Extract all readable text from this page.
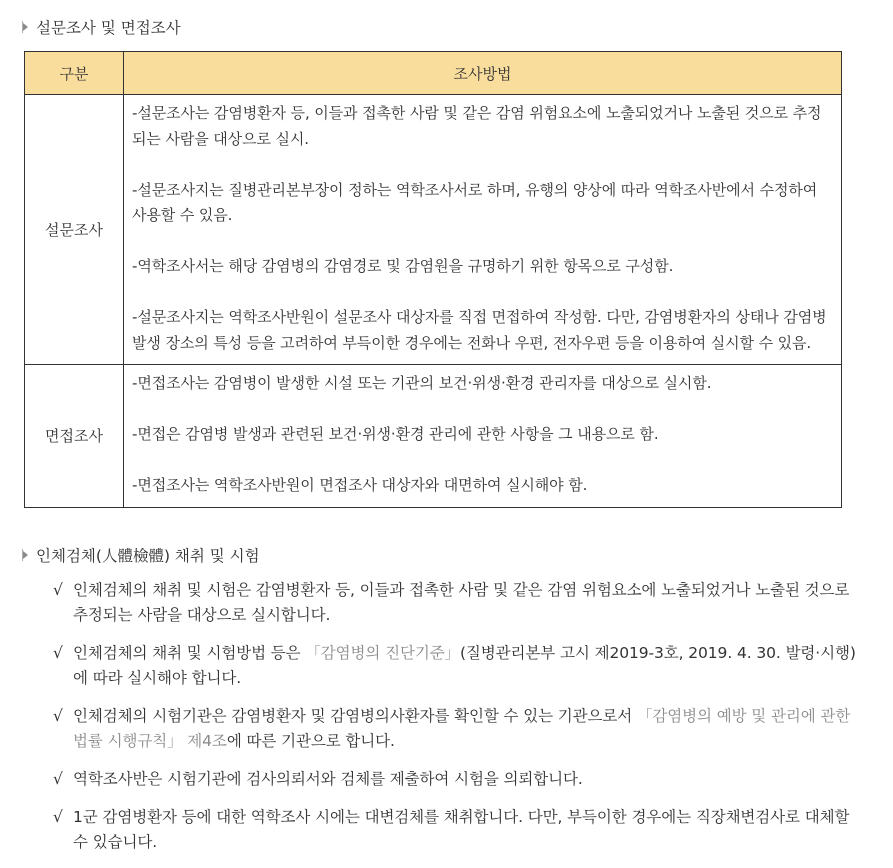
설문조사 및 면접조사
구분	조사방법
설문조사	-설문조사는 감염병환자 등, 이들과 접촉한 사람 및 같은 감염 위험요소에 노출되었거나 노출된 것으로 추정되는 사람을 대상으로 실시.

-설문조사지는 질병관리본부장이 정하는 역학조사서로 하며, 유행의 양상에 따라 역학조사반에서 수정하여 사용할 수 있음.

-역학조사서는 해당 감염병의 감염경로 및 감염원을 규명하기 위한 항목으로 구성함.

-설문조사지는 역학조사반원이 설문조사 대상자를 직접 면접하여 작성함. 다만, 감염병환자의 상태나 감염병 발생 장소의 특성 등을 고려하여 부득이한 경우에는 전화나 우편, 전자우편 등을 이용하여 실시할 수 있음.

면접조사	-면접조사는 감염병이 발생한 시설 또는 기관의 보건·위생·환경 관리자를 대상으로 실시함.

-면접은 감염병 발생과 관련된 보건·위생·환경 관리에 관한 사항을 그 내용으로 함.

-면접조사는 역학조사반원이 면접조사 대상자와 대면하여 실시해야 함.

인체검체(人體檢體) 채취 및 시험
√ 인체검체의 채취 및 시험은 감염병환자 등, 이들과 접촉한 사람 및 같은 감염 위험요소에 노출되었거나 노출된 것으로 추정되는 사람을 대상으로 실시합니다.
√ 인체검체의 채취 및 시험방법 등은 「감염병의 진단기준」(질병관리본부 고시 제2019-3호, 2019. 4. 30. 발령·시행)에 따라 실시해야 합니다.
√ 인체검체의 시험기관은 감염병환자 및 감염병의사환자를 확인할 수 있는 기관으로서 「감염병의 예방 및 관리에 관한 법률 시행규칙」 제4조에 따른 기관으로 합니다.
√ 역학조사반은 시험기관에 검사의뢰서와 검체를 제출하여 시험을 의뢰합니다.
√ 1군 감염병환자 등에 대한 역학조사 시에는 대변검체를 채취합니다. 다만, 부득이한 경우에는 직장채변검사로 대체할 수 있습니다.
